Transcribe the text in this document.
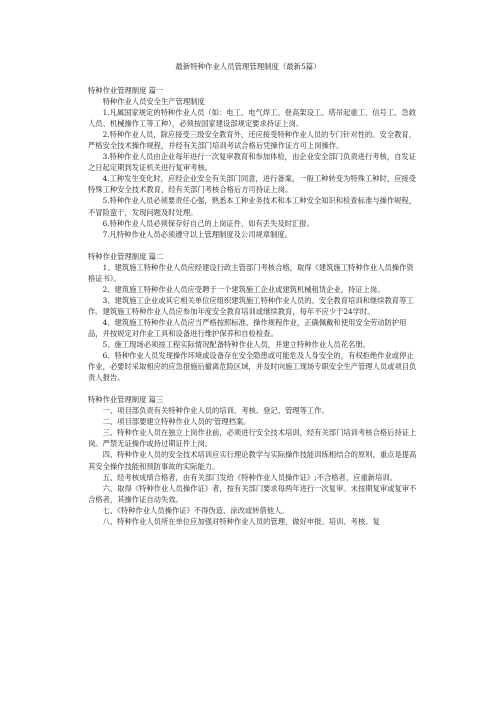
最新特种作业人员管理管理制度（最新5篇）

特种作业管理制度 篇一

特种作业人员安全生产管理制度

1.凡属国家规定的特种作业人员（如：电工、电气焊工、登高架设工、塔吊起重工、信号工、急救人员、机械操作工等工种），必须按国家建设部规定要求持证上岗。

2.特种作业人员，除应接受三级安全教育外，还应接受特种作业人员的专门针对性的。安全教育，严格安全技术操作规程，并经有关部门培训考试合格后凭操作证方可上岗操作。

3.特种作业人员由企业每年进行一次复审教育和参加体检，由企业安全部门负责进行考核，自发证之日起定期到发证机关进行复审考核。

4.工种发生变化时，应经企业安全有关部门同意，进行备案，一般工种转变为特殊工种时，应接受特殊工种安全技术教育，经有关部门考核合格后方可持证上岗。

5.特种作业人员必须要责任心强，熟悉本工种业务技术和本工种安全知识和检查标准与操作规程，不冒险蛮干，发现问题及时处理。

6.特种作业人员必须保存好自己的上岗证件，如有丢失及时汇报。

7.凡特种作业人员必须遵守以上管理制度及公司规章制度。

特种作业管理制度 篇二

1、建筑施工特种作业人员应经建设行政主管部门考核合格，取得《建筑施工特种作业人员操作资格证书》。

2、建筑施工特种作业人员应受聘于一个建筑施工企业或建筑机械租赁企业，持证上岗。

3、建筑施工企业或其它相关单位应组织建筑施工特种作业人员的。安全教育培训和继续教育等工作。建筑施工特种作业人员应参加年度安全教育培训或继续教育，每年不应少于24学时。

4、建筑施工特种作业人员应当严格按照标准、操作规程作业，正确佩戴和使用安全劳动防护用品，并按规定对作业工具和设备进行维护保养和自检检查。

5、施工现场必须按工程实际情况配备特种作业人员，并建立特种作业人员花名册。

6、特种作业人员发现操作环境或设备存在安全隐患或可能危及人身安全的，有权拒绝作业或停止作业，必要时采取相应的应急措施后撤离危险区域，并及时向施工现场专职安全生产管理人员或项目负责人报告。

特种作业管理制度 篇三

一、项目部负责有关特种作业人员的培训、考核、登记、管理等工作。

二、项目部要建立特种作业人员的'管理档案。

三、特种作业人员在独立上岗作业前，必须进行安全技术培训，经有关部门培训考核合格后持证上岗。严禁无证操作或持过期证件上岗。

四、特种作业人员的安全技术培训应实行理论教学与实际操作技能训练相结合的原则，重点是提高其安全操作技能和预防事故的实际能力。

五、经考核成绩合格者，由有关部门发给《特种作业人员操作证》;不合格者，应重新培训。

六、取得《特种作业人员操作证》者，按有关部门要求每两年进行一次复审。未按期复审或复审不合格者，其操作证自动失效。

七、《特种作业人员操作证》不得伪造、涂改或转借他人。

八、特种作业人员所在单位应加强对特种作业人员的管理，做好申报、培训、考核、复
